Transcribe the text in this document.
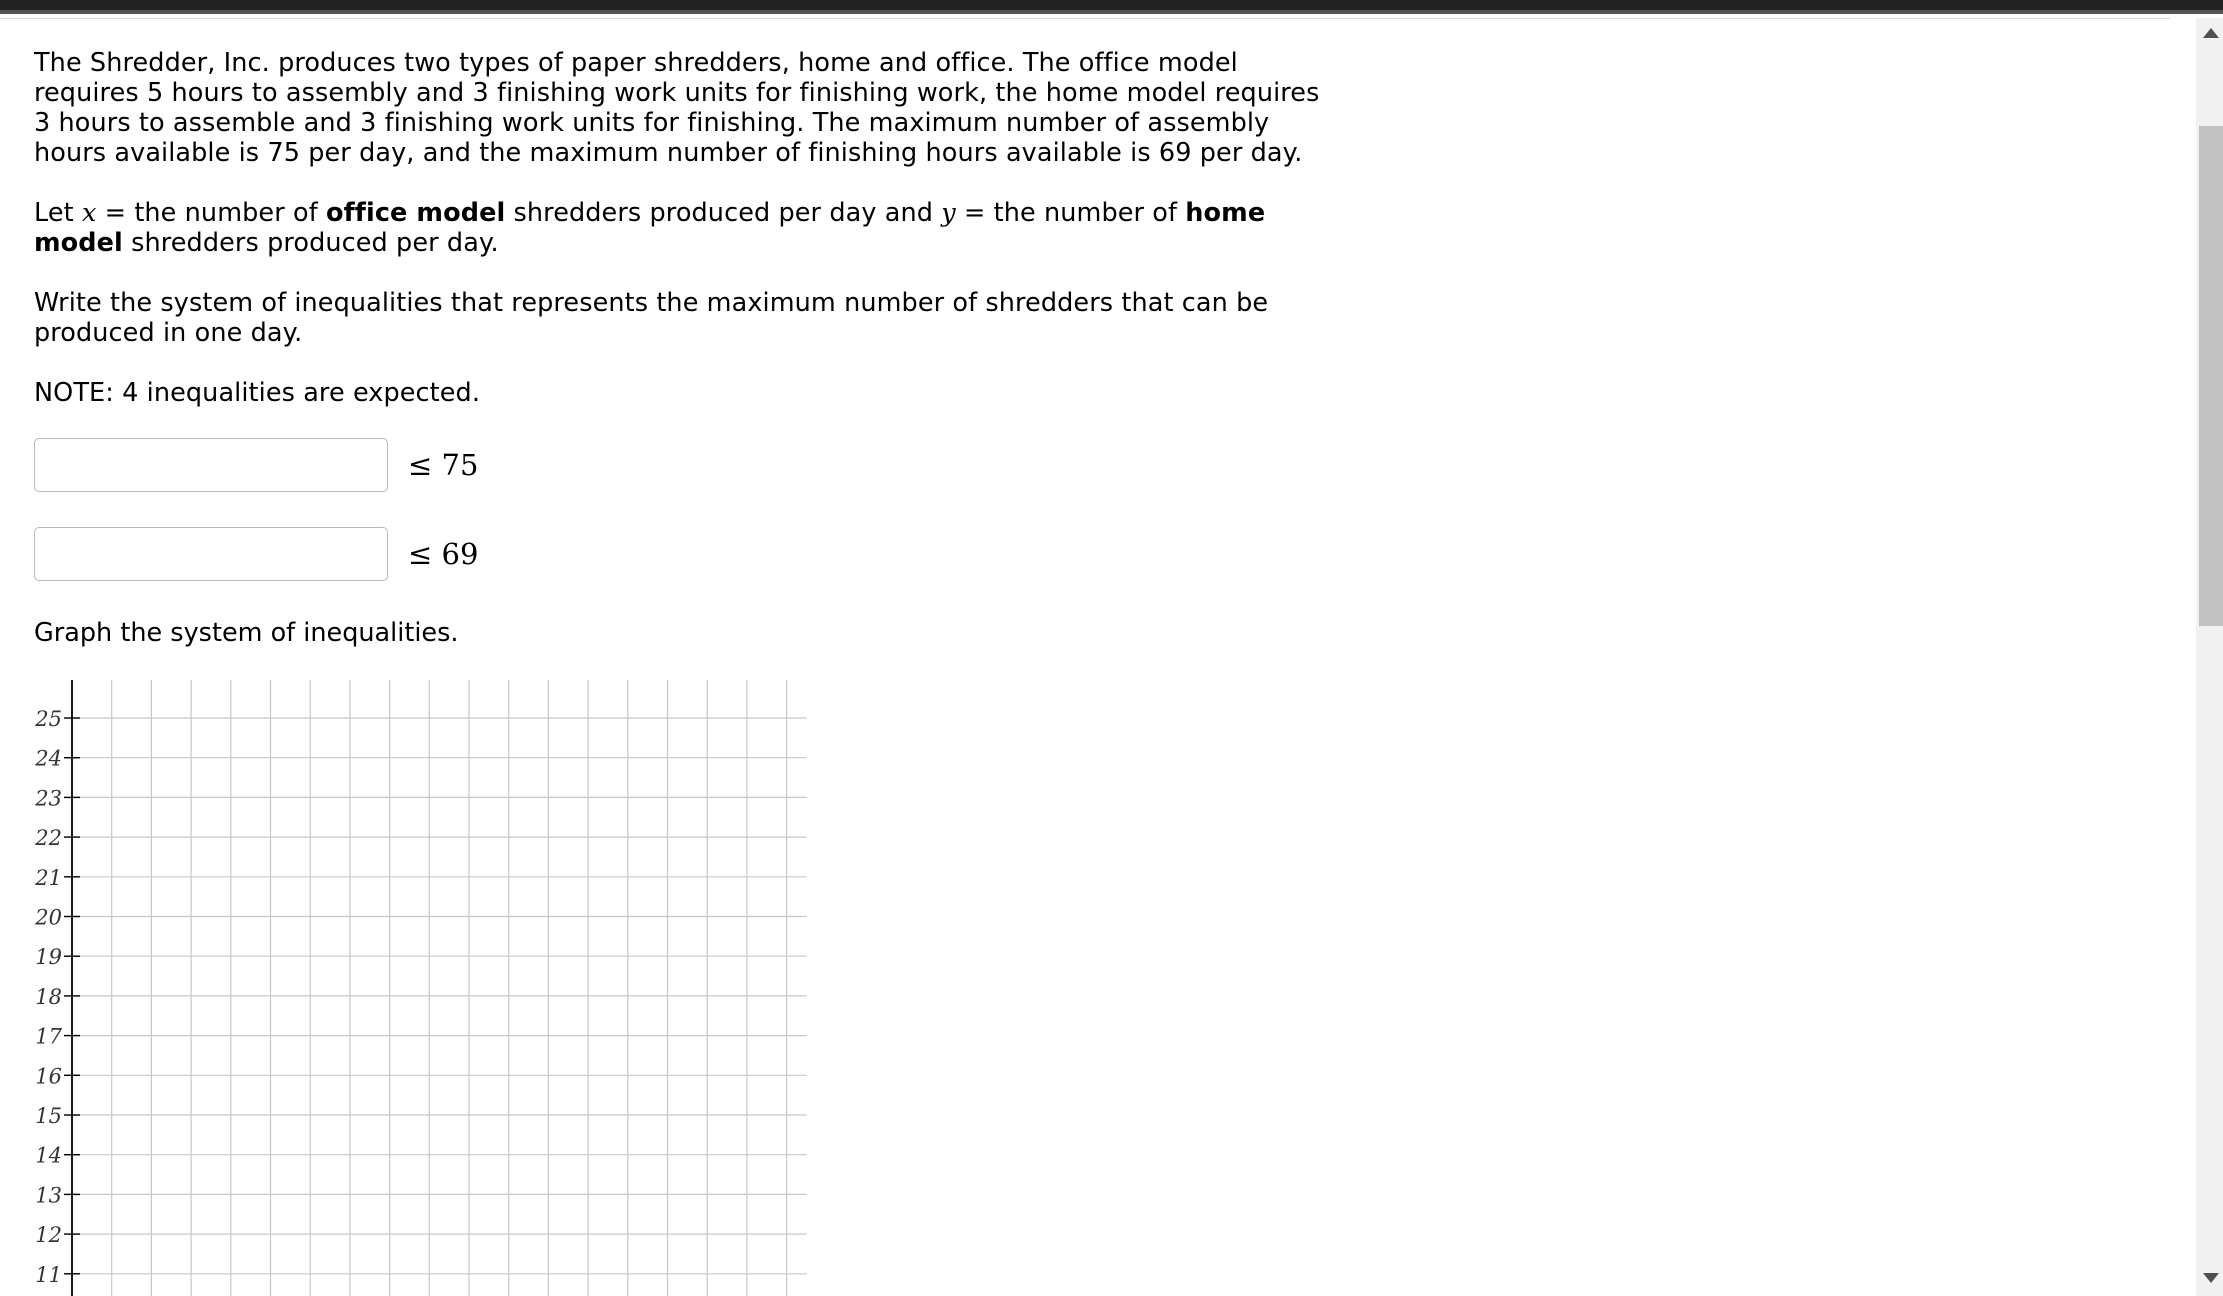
The Shredder, Inc. produces two types of paper shredders, home and office. The office model requires 5 hours to assembly and 3 finishing work units for finishing work, the home model requires 3 hours to assemble and 3 finishing work units for finishing. The maximum number of assembly hours available is 75 per day, and the maximum number of finishing hours available is 69 per day.

Let x = the number of office model shredders produced per day and y = the number of home model shredders produced per day.

Write the system of inequalities that represents the maximum number of shredders that can be produced in one day.

NOTE: 4 inequalities are expected.

≤ 75
≤ 69
Graph the system of inequalities.
25
24
23
22
21
20
19
18
17
16
15
14
13
12
11
